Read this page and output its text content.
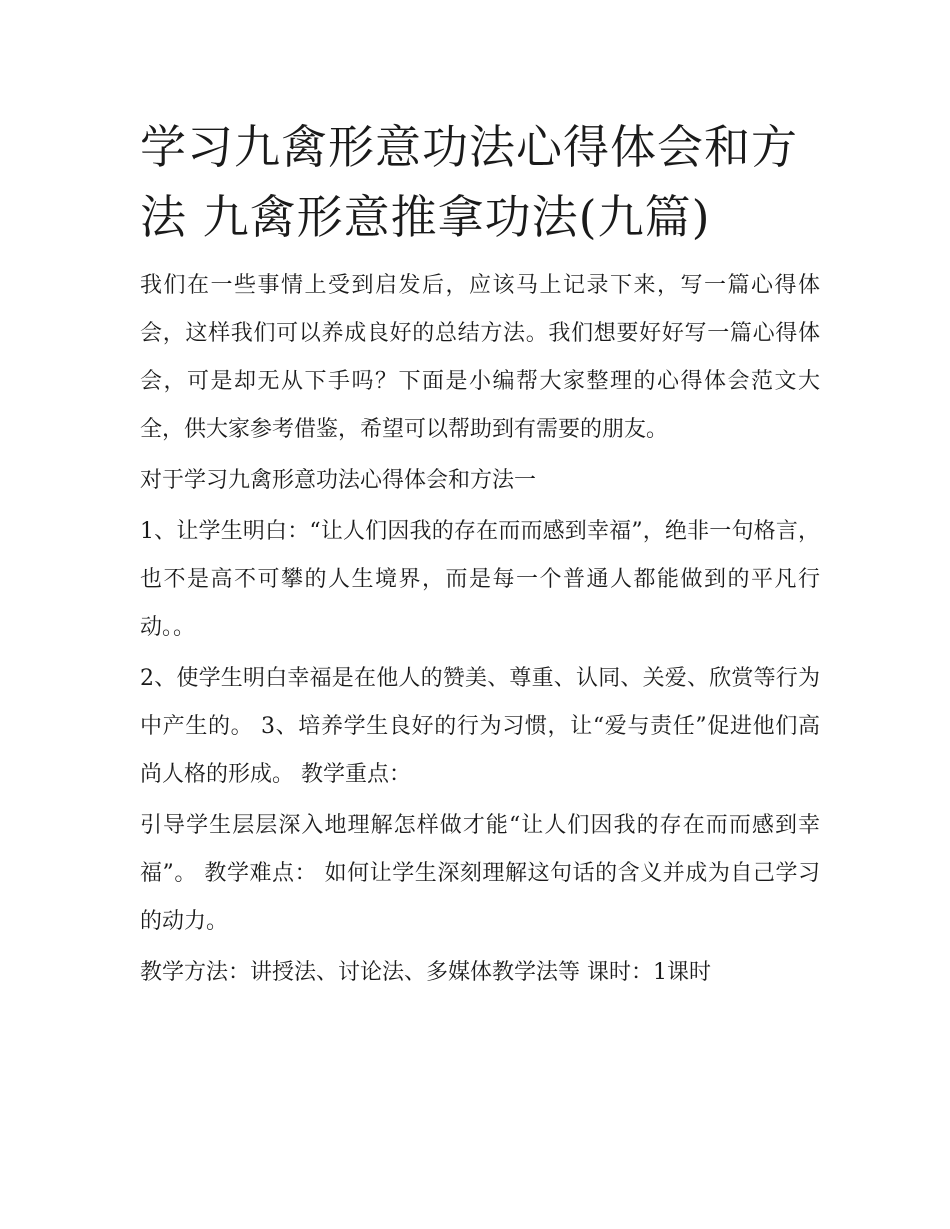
学习九禽形意功法心得体会和方法 九禽形意推拿功法(九篇)

我们在一些事情上受到启发后，应该马上记录下来，写一篇心得体会，这样我们可以养成良好的总结方法。我们想要好好写一篇心得体会，可是却无从下手吗？下面是小编帮大家整理的心得体会范文大全，供大家参考借鉴，希望可以帮助到有需要的朋友。

对于学习九禽形意功法心得体会和方法一

1、让学生明白：“让人们因我的存在而而感到幸福”，绝非一句格言，也不是高不可攀的人生境界，而是每一个普通人都能做到的平凡行动。。

2、使学生明白幸福是在他人的赞美、尊重、认同、关爱、欣赏等行为中产生的。 3、培养学生良好的行为习惯，让“爱与责任”促进他们高尚人格的形成。 教学重点：

引导学生层层深入地理解怎样做才能“让人们因我的存在而而感到幸福”。 教学难点： 如何让学生深刻理解这句话的含义并成为自己学习的动力。

教学方法：讲授法、讨论法、多媒体教学法等 课时：1课时
